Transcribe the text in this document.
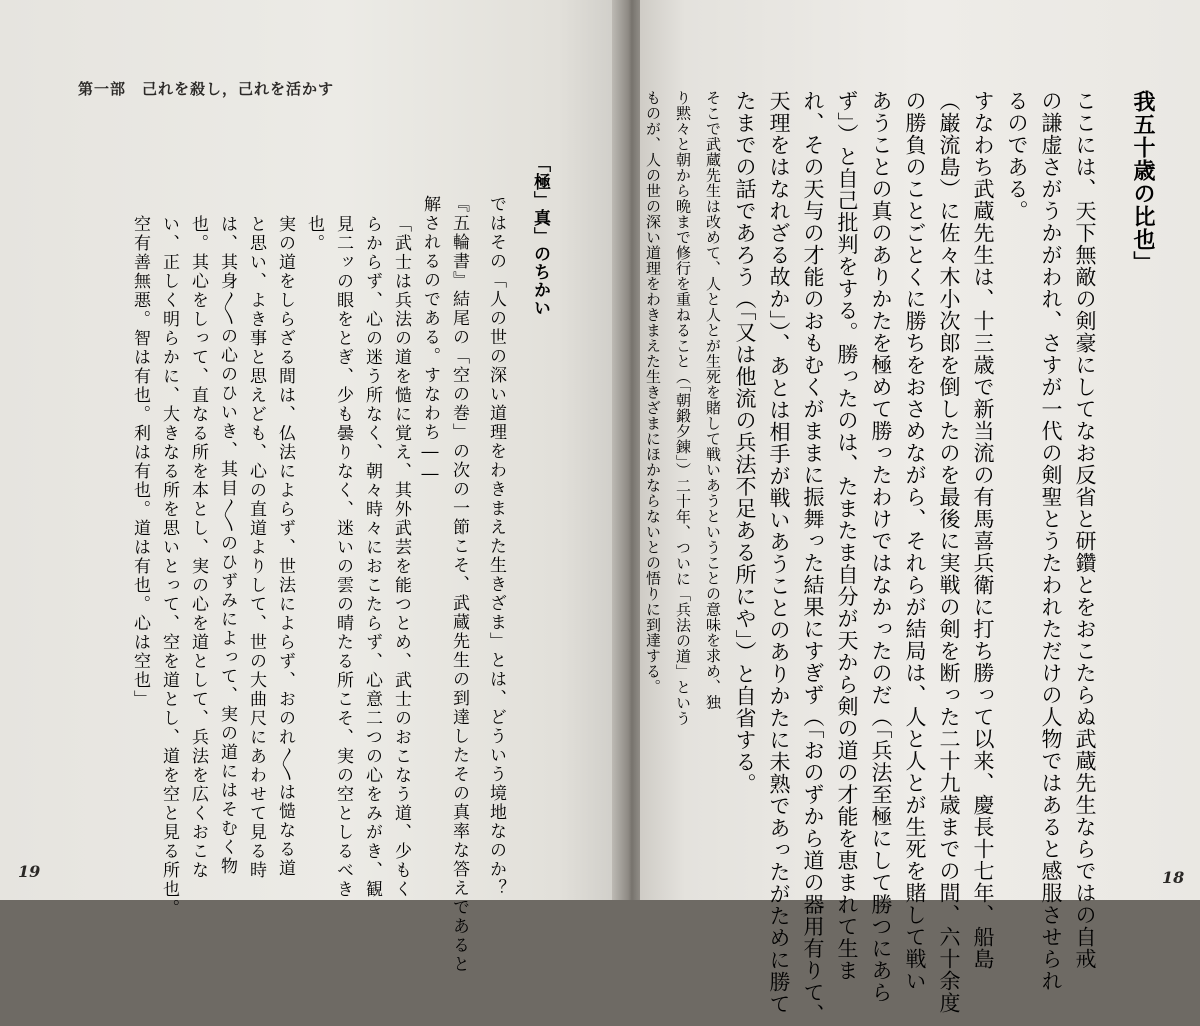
第一部　己れを殺し，己れを活かす
19
「極」真」のちかい

ではその「人の世の深い道理をわきまえた生きざま」とは、どういう境地なのか？

『五輪書』結尾の「空の巻」の次の一節こそ、武蔵先生の到達したその真率な答えであると

解されるのである。すなわち――

「武士は兵法の道を慥に覚え、其外武芸を能つとめ、武士のおこなう道、少もく

らからず、心の迷う所なく、朝々時々におこたらず、心意二つの心をみがき、観

見二ッの眼をとぎ、少も曇りなく、迷いの雲の晴たる所こそ、実の空としるべき

也。

実の道をしらざる間は、仏法によらず、世法によらず、おのれ〳〵は慥なる道

と思い、よき事と思えども、心の直道よりして、世の大曲尺にあわせて見る時

は、其身〳〵の心のひいき、其目〳〵のひずみによって、実の道にはそむく物

也。其心をしって、直なる所を本とし、実の心を道として、兵法を広くおこな

い、正しく明らかに、大きなる所を思いとって、空を道とし、道を空と見る所也。

空有善無悪。智は有也。利は有也。道は有也。心は空也」

18

我五十歳の比也」

ここには、天下無敵の剣豪にしてなお反省と研鑽とをおこたらぬ武蔵先生ならではの自戒

の謙虚さがうかがわれ、さすが一代の剣聖とうたわれただけの人物ではあると感服させられ

るのである。

すなわち武蔵先生は、十三歳で新当流の有馬喜兵衛に打ち勝って以来、慶長十七年、船島

（巌流島）に佐々木小次郎を倒したのを最後に実戦の剣を断った二十九歳までの間、六十余度

の勝負のことごとくに勝ちをおさめながら、それらが結局は、人と人とが生死を賭して戦い

あうことの真のありかたを極めて勝ったわけではなかったのだ（「兵法至極にして勝つにあら

ず」）と自己批判をする。勝ったのは、たまたま自分が天から剣の道の才能を恵まれて生ま

れ、その天与の才能のおもむくがままに振舞った結果にすぎず（「おのずから道の器用有りて、

天理をはなれざる故か」）、あとは相手が戦いあうことのありかたに未熟であったがために勝て

たまでの話であろう（「又は他流の兵法不足ある所にや」）と自省する。

そこで武蔵先生は改めて、人と人とが生死を賭して戦いあうということの意味を求め、独

り黙々と朝から晩まで修行を重ねること（「朝鍛夕錬」）二十年、ついに「兵法の道」という

ものが、人の世の深い道理をわきまえた生きざまにほかならないとの悟りに到達する。
